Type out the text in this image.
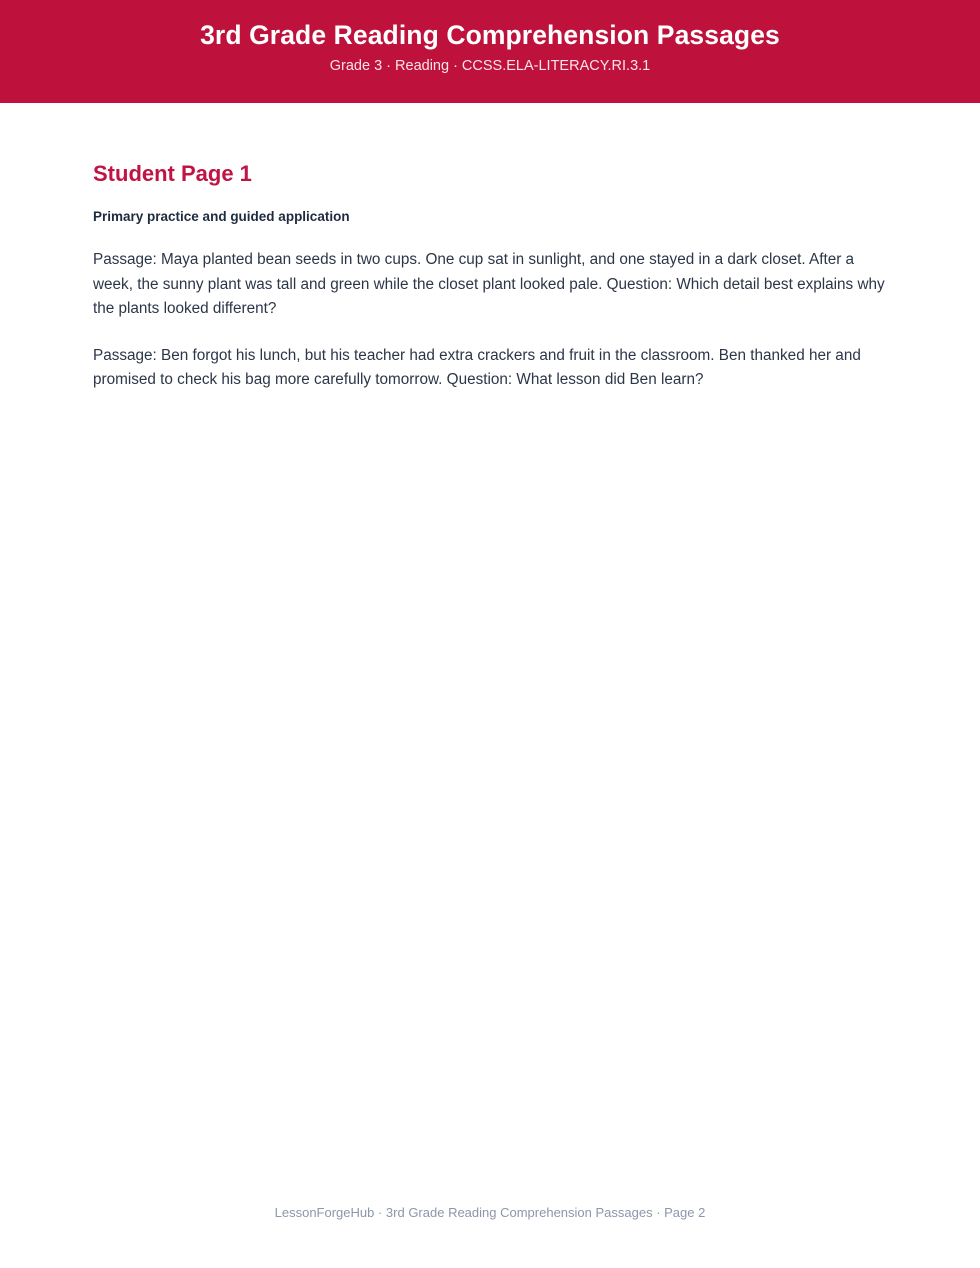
3rd Grade Reading Comprehension Passages

Grade 3 · Reading · CCSS.ELA-LITERACY.RI.3.1

Student Page 1

Primary practice and guided application

Passage: Maya planted bean seeds in two cups. One cup sat in sunlight, and one stayed in a dark closet. After a week, the sunny plant was tall and green while the closet plant looked pale. Question: Which detail best explains why the plants looked different?

Passage: Ben forgot his lunch, but his teacher had extra crackers and fruit in the classroom. Ben thanked her and promised to check his bag more carefully tomorrow. Question: What lesson did Ben learn?

LessonForgeHub · 3rd Grade Reading Comprehension Passages · Page 2
